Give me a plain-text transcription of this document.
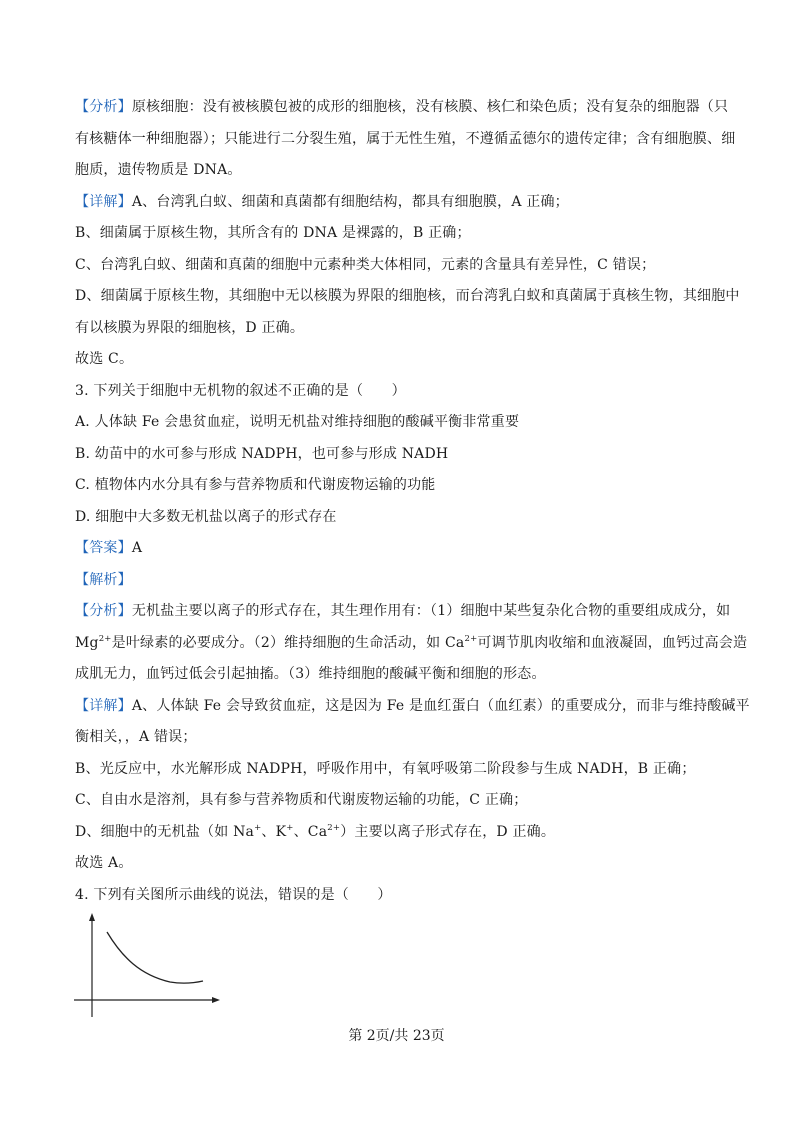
【分析】原核细胞：没有被核膜包被的成形的细胞核，没有核膜、核仁和染色质；没有复杂的细胞器（只
有核糖体一种细胞器）；只能进行二分裂生殖，属于无性生殖，不遵循孟德尔的遗传定律；含有细胞膜、细
胞质，遗传物质是 DNA。
【详解】A、台湾乳白蚁、细菌和真菌都有细胞结构，都具有细胞膜，A 正确；
B、细菌属于原核生物，其所含有的 DNA 是裸露的，B 正确；
C、台湾乳白蚁、细菌和真菌的细胞中元素种类大体相同，元素的含量具有差异性，C 错误；
D、细菌属于原核生物，其细胞中无以核膜为界限的细胞核，而台湾乳白蚁和真菌属于真核生物，其细胞中
有以核膜为界限的细胞核，D 正确。
故选 C。
3. 下列关于细胞中无机物的叙述不正确的是（　　）
A. 人体缺 Fe 会患贫血症，说明无机盐对维持细胞的酸碱平衡非常重要
B. 幼苗中的水可参与形成 NADPH，也可参与形成 NADH
C. 植物体内水分具有参与营养物质和代谢废物运输的功能
D. 细胞中大多数无机盐以离子的形式存在
【答案】A
【解析】
【分析】无机盐主要以离子的形式存在，其生理作用有：（1）细胞中某些复杂化合物的重要组成成分，如
$Mg^{2+}$是叶绿素的必要成分。（2）维持细胞的生命活动，如 $Ca^{2+}$可调节肌肉收缩和血液凝固，血钙过高会造
成肌无力，血钙过低会引起抽搐。（3）维持细胞的酸碱平衡和细胞的形态。
【详解】A、人体缺 Fe 会导致贫血症，这是因为 Fe 是血红蛋白（血红素）的重要成分，而非与维持酸碱平
衡相关，，A 错误；
B、光反应中，水光解形成 NADPH，呼吸作用中，有氧呼吸第二阶段参与生成 NADH，B 正确；
C、自由水是溶剂，具有参与营养物质和代谢废物运输的功能，C 正确；
D、细胞中的无机盐（如 Na+、K+、$Ca^{2+}$）主要以离子形式存在，D 正确。
故选 A。
4. 下列有关图所示曲线的说法，错误的是（　　）
第 2页/共 23页
